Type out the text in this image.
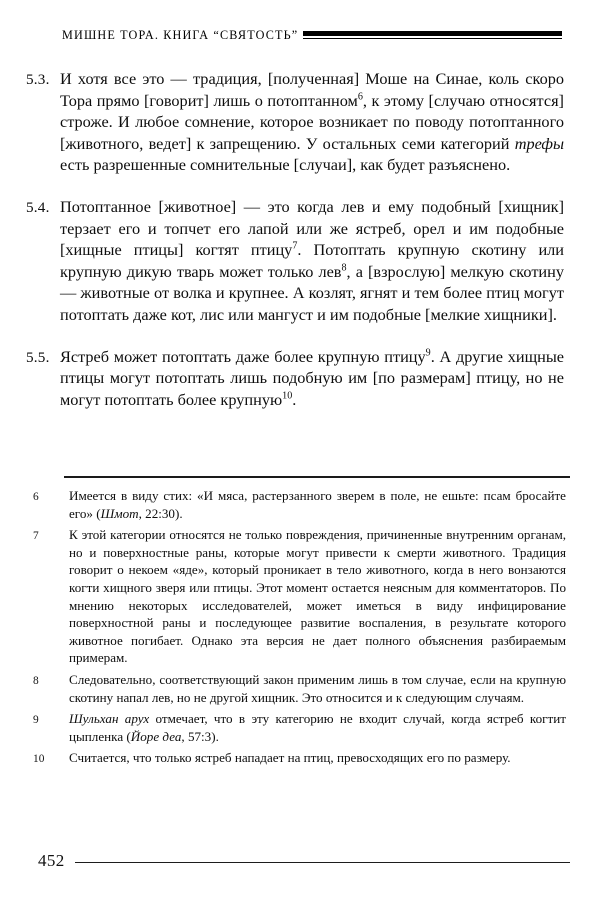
МИШНЕ ТОРА. КНИГА “СВЯТОСТЬ”
5.3. И хотя все это — традиция, [полученная] Моше на Синае, коль скоро Тора прямо [говорит] лишь о потоптанном$^6$, к этому [случаю относятся] строже. И любое сомнение, которое возникает по поводу потоптанного [животного, ведет] к запрещению. У остальных семи категорий трефы есть разрешенные сомнительные [случаи], как будет разъяснено.
5.4. Потоптанное [животное] — это когда лев и ему подобный [хищник] терзает его и топчет его лапой или же ястреб, орел и им подобные [хищные птицы] когтят птицу$^7$. Потоптать крупную скотину или крупную дикую тварь может только лев$^8$, а [взрослую] мелкую скотину — животные от волка и крупнее. А козлят, ягнят и тем более птиц могут потоптать даже кот, лис или мангуст и им подобные [мелкие хищники].
5.5. Ястреб может потоптать даже более крупную птицу$^9$. А другие хищные птицы могут потоптать лишь подобную им [по размерам] птицу, но не могут потоптать более крупную$^{10}$.
6	Имеется в виду стих: «И мяса, растерзанного зверем в поле, не ешьте: псам бросайте его» (Шмот, 22:30).
7	К этой категории относятся не только повреждения, причиненные внутренним органам, но и поверхностные раны, которые могут привести к смерти животного. Традиция говорит о некоем «яде», который проникает в тело животного, когда в него вонзаются когти хищного зверя или птицы. Этот момент остается неясным для комментаторов. По мнению некоторых исследователей, может иметься в виду инфицирование поверхностной раны и последующее развитие воспаления, в результате которого животное погибает. Однако эта версия не дает полного объяснения разбираемым примерам.
8	Следовательно, соответствующий закон применим лишь в том случае, если на крупную скотину напал лев, но не другой хищник. Это относится и к следующим случаям.
9	Шульхан арух отмечает, что в эту категорию не входит случай, когда ястреб когтит цыпленка (Йоре деа, 57:3).
10	Считается, что только ястреб нападает на птиц, превосходящих его по размеру.
452
